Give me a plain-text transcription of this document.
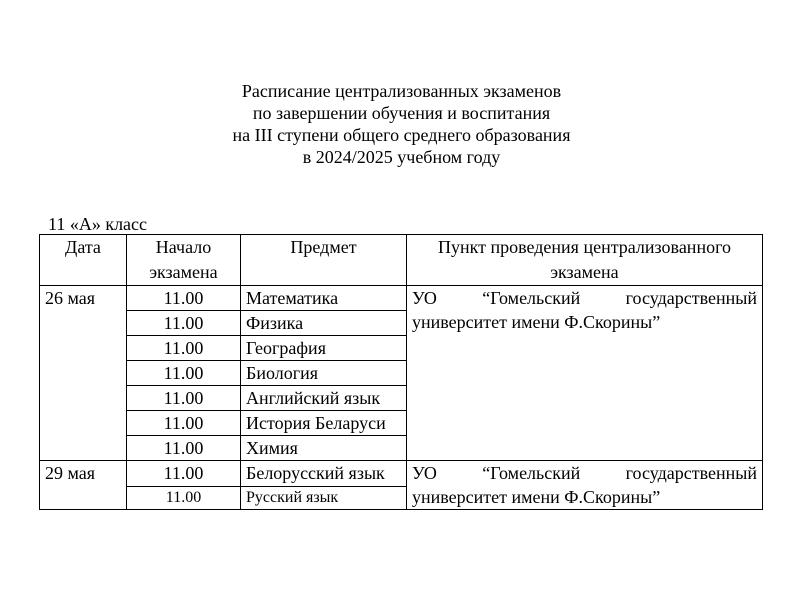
Расписание централизованных экзаменов
по завершении обучения и воспитания
на III ступени общего среднего образования
в 2024/2025 учебном году
11 «А» класс
Дата	Начало экзамена	Предмет	Пункт проведения централизованного экзамена
26 мая	11.00	Математика	УО “Гомельский государственный университет имени Ф.Скорины”
	11.00	Физика	
	11.00	География	
	11.00	Биология	
	11.00	Английский язык	
	11.00	История Беларуси	
	11.00	Химия	
29 мая	11.00	Белорусский язык	УО “Гомельский государственный университет имени Ф.Скорины”
	11.00	Русский язык	
